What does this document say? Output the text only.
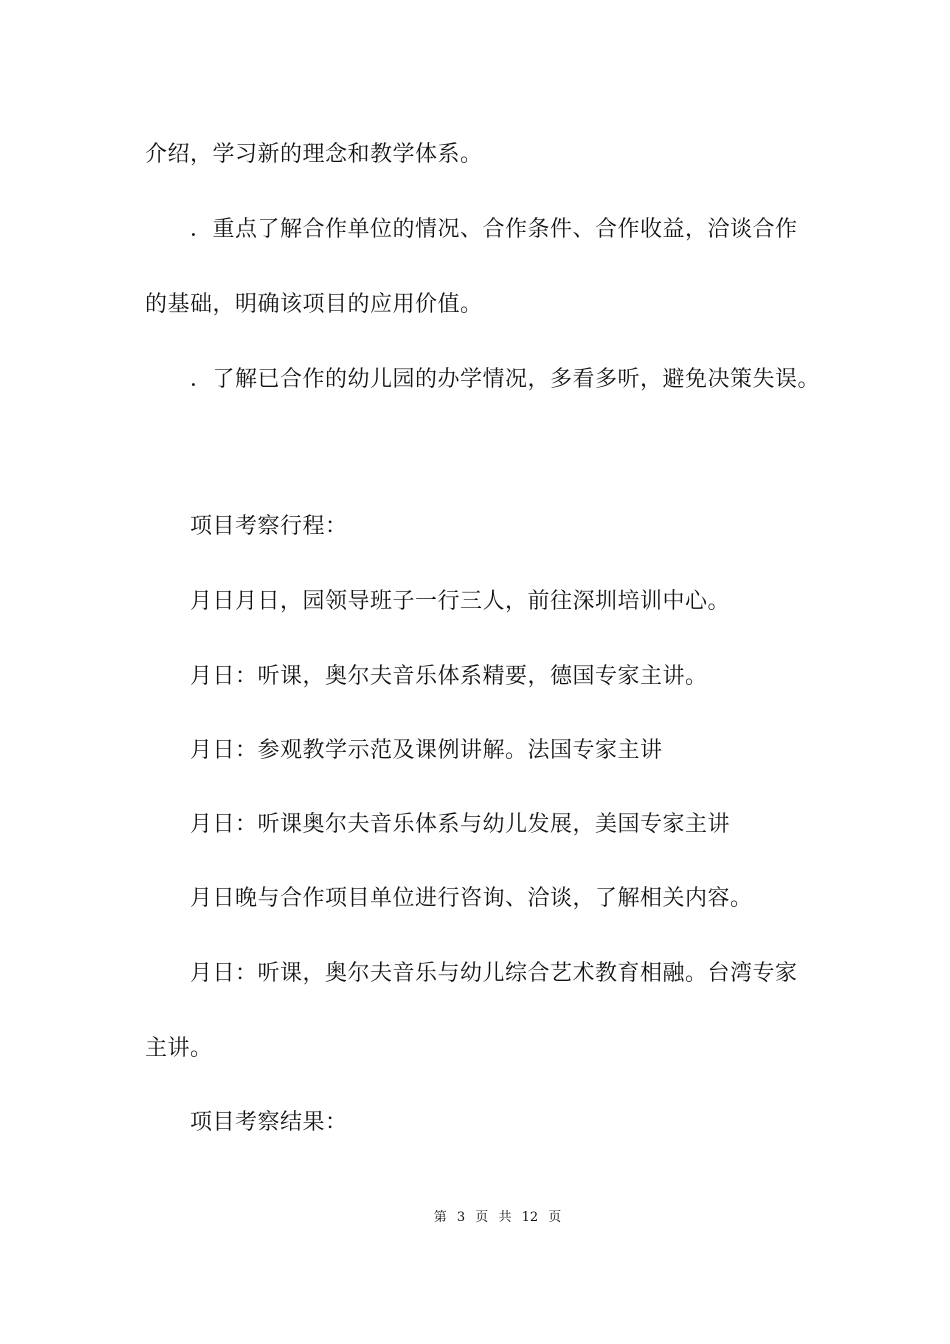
介绍，学习新的理念和教学体系。
．重点了解合作单位的情况、合作条件、合作收益，洽谈合作
的基础，明确该项目的应用价值。
．了解已合作的幼儿园的办学情况，多看多听，避免决策失误。
项目考察行程：
月日月日，园领导班子一行三人，前往深圳培训中心。
月日：听课，奥尔夫音乐体系精要，德国专家主讲。
月日：参观教学示范及课例讲解。法国专家主讲
月日：听课奥尔夫音乐体系与幼儿发展，美国专家主讲
月日晚与合作项目单位进行咨询、洽谈，了解相关内容。
月日：听课，奥尔夫音乐与幼儿综合艺术教育相融。台湾专家
主讲。
项目考察结果：
第 3 页 共 12 页
